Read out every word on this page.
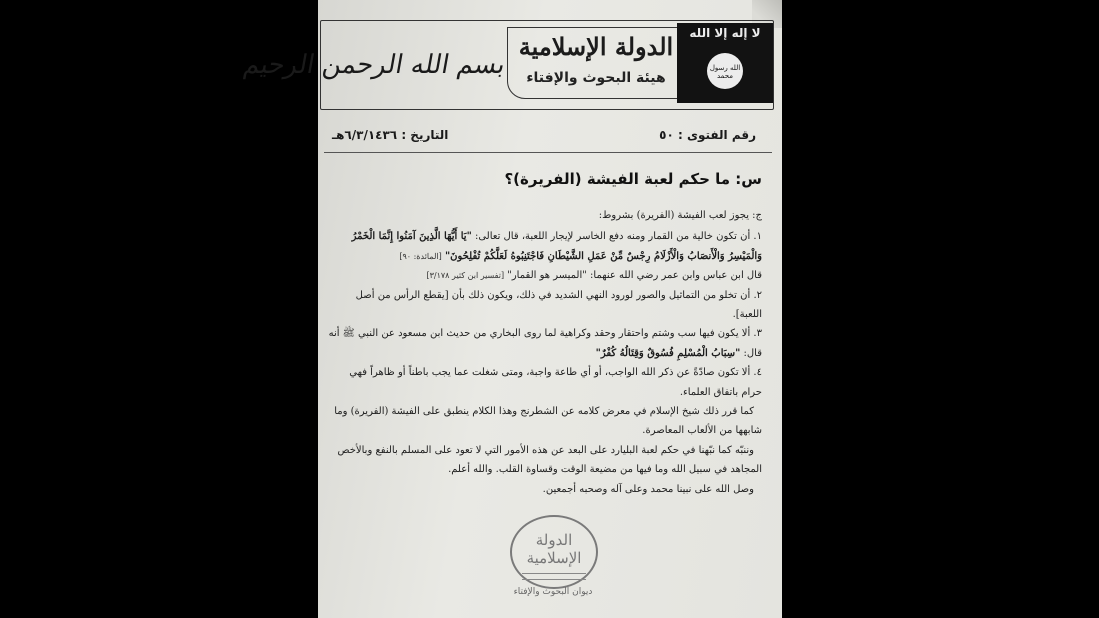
بسم الله الرحمن الرحيم
الدولة الإسلامية
هيئة البحوث والإفتاء
لا إله إلا الله
الله رسول محمد
رقم الفتوى : ٥٠
التاريخ : ٦/٣/١٤٣٦هـ
س: ما حكم لعبة الفيشة (الفريرة)؟

ج: يجوز لعب الفيشة (الفريرة) بشروط:

١. أن تكون خالية من القمار ومنه دفع الخاسر لإيجار اللعبة، قال تعالى: "يَا أَيُّهَا الَّذِينَ آمَنُوا إِنَّمَا الْخَمْرُ وَالْمَيْسِرُ وَالْأَنصَابُ وَالْأَزْلَامُ رِجْسٌ مِّنْ عَمَلِ الشَّيْطَانِ فَاجْتَنِبُوهُ لَعَلَّكُمْ تُفْلِحُونَ" [المائدة: ٩٠]

قال ابن عباس وابن عمر رضي الله عنهما: "الميسر هو القمار" [تفسير ابن كثير ٣/١٧٨]

٢. أن تخلو من التماثيل والصور لورود النهي الشديد في ذلك، ويكون ذلك بأن [يقطع الرأس من أصل اللعبة].

٣. ألا يكون فيها سب وشتم واحتقار وحقد وكراهية لما روى البخاري من حديث ابن مسعود عن النبي ﷺ أنه قال: "سِبَابُ الْمُسْلِمِ فُسُوقٌ وَقِتَالُهُ كُفْرٌ"

٤. ألا تكون صادّةً عن ذكر الله الواجب، أو أي طاعة واجبة، ومتى شغلت عما يجب باطناً أو ظاهراً فهي حرام باتفاق العلماء.

كما قرر ذلك شيخ الإسلام في معرض كلامه عن الشطرنج وهذا الكلام ينطبق على الفيشة (الفريرة) وما شابهها من الألعاب المعاصرة.

وننبّه كما نبّهنا في حكم لعبة البليارد على البعد عن هذه الأمور التي لا تعود على المسلم بالنفع وبالأخص المجاهد في سبيل الله وما فيها من مضيعة الوقت وقساوة القلب. والله أعلم.

وصل الله على نبينا محمد وعلى آله وصحبه أجمعين.

الدولة الإسلامية
ديوان البحوث والإفتاء
